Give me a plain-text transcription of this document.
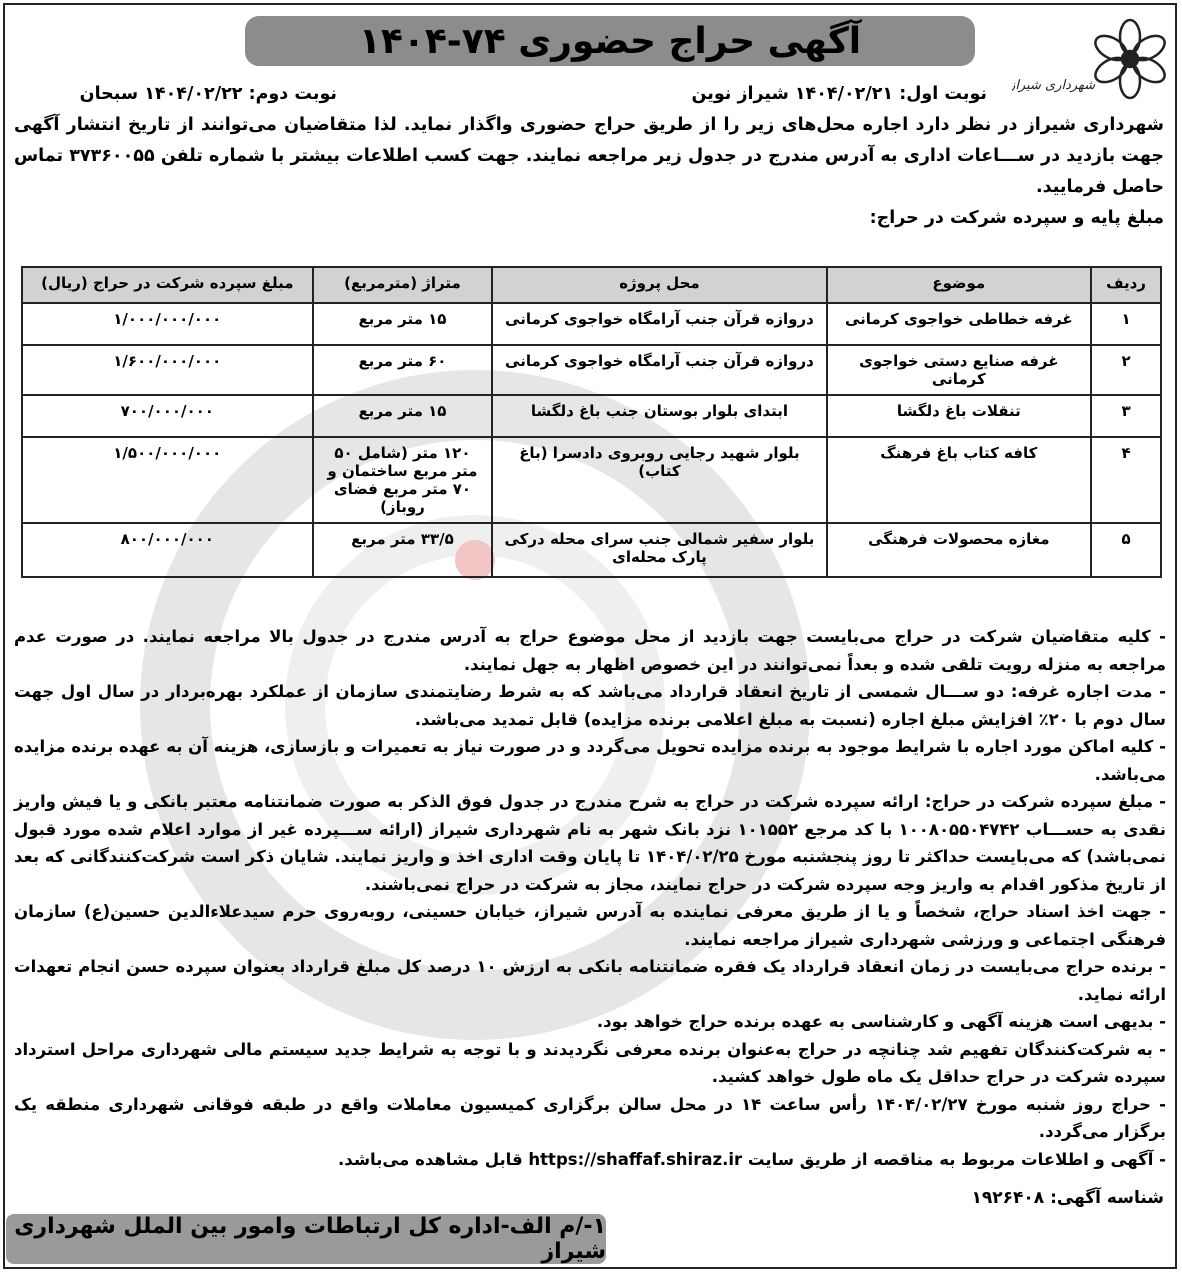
شهرداری شیراز
آگهی حراج حضوری ۷۴-۱۴۰۴
نوبت اول: ۱۴۰۴/۰۲/۲۱ شیراز نوین
نوبت دوم: ۱۴۰۴/۰۲/۲۲ سبحان
شهرداری شیراز در نظر دارد اجاره محل‌های زیر را از طریق حراج حضوری واگذار نماید. لذا متقاضیان می‌توانند از تاریخ انتشار آگهی جهت بازدید در ســـاعات اداری به آدرس مندرج در جدول زیر مراجعه نمایند. جهت کسب اطلاعات بیشتر با شماره تلفن ۳۷۳۶۰۰۵۵ تماس حاصل فرمایید.
مبلغ پایه و سپرده شرکت در حراج:
ردیف	موضوع	محل پروژه	متراژ (مترمربع)	مبلغ سپرده شرکت در حراج (ریال)
۱	غرفه خطاطی خواجوی کرمانی	دروازه قرآن جنب آرامگاه خواجوی کرمانی	۱۵ متر مربع	۱/۰۰۰/۰۰۰/۰۰۰
۲	غرفه صنایع دستی خواجوی کرمانی	دروازه قرآن جنب آرامگاه خواجوی کرمانی	۶۰ متر مربع	۱/۶۰۰/۰۰۰/۰۰۰
۳	تنقلات باغ دلگشا	ابتدای بلوار بوستان جنب باغ دلگشا	۱۵ متر مربع	۷۰۰/۰۰۰/۰۰۰
۴	کافه کتاب باغ فرهنگ	بلوار شهید رجایی روبروی دادسرا (باغ کتاب)	۱۲۰ متر (شامل ۵۰ متر مربع ساختمان و ۷۰ متر مربع فضای روباز)	۱/۵۰۰/۰۰۰/۰۰۰
۵	مغازه محصولات فرهنگی	بلوار سفیر شمالی جنب سرای محله درکی پارک محله‌ای	۳۳/۵ متر مربع	۸۰۰/۰۰۰/۰۰۰

- کلیه متقاضیان شرکت در حراج می‌بایست جهت بازدید از محل موضوع حراج به آدرس مندرج در جدول بالا مراجعه نمایند. در صورت عدم مراجعه به منزله رویت تلقی شده و بعداً نمی‌توانند در این خصوص اظهار به جهل نمایند.

- مدت اجاره غرفه: دو ســـال شمسی از تاریخ انعقاد قرارداد می‌باشد که به شرط رضایتمندی سازمان از عملکرد بهره‌بردار در سال اول جهت سال دوم با ۲۰٪ افزایش مبلغ اجاره (نسبت به مبلغ اعلامی برنده مزایده) قابل تمدید می‌باشد.

- کلیه اماکن مورد اجاره با شرایط موجود به برنده مزایده تحویل می‌گردد و در صورت نیاز به تعمیرات و بازسازی، هزینه آن به عهده برنده مزایده می‌باشد.

- مبلغ سپرده شرکت در حراج: ارائه سپرده شرکت در حراج به شرح مندرج در جدول فوق الذکر به صورت ضمانتنامه معتبر بانکی و یا فیش واریز نقدی به حســـاب ۱۰۰۸۰۵۵۰۴۷۴۲ با کد مرجع ۱۰۱۵۵۲ نزد بانک شهر به نام شهرداری شیراز (ارائه ســـپرده غیر از موارد اعلام شده مورد قبول نمی‌باشد) که می‌بایست حداکثر تا روز پنجشنبه مورخ ۱۴۰۴/۰۲/۲۵ تا پایان وقت اداری اخذ و واریز نمایند. شایان ذکر است شرکت‌کنندگانی که بعد از تاریخ مذکور اقدام به واریز وجه سپرده شرکت در حراج نمایند، مجاز به شرکت در حراج نمی‌باشند.

- جهت اخذ اسناد حراج، شخصاً و یا از طریق معرفی نماینده به آدرس شیراز، خیابان حسینی، روبه‌روی حرم سیدعلاءالدین حسین(ع) سازمان فرهنگی اجتماعی و ورزشی شهرداری شیراز مراجعه نمایند.

- برنده حراج می‌بایست در زمان انعقاد قرارداد یک فقره ضمانتنامه بانکی به ارزش ۱۰ درصد کل مبلغ قرارداد بعنوان سپرده حسن انجام تعهدات ارائه نماید.

- بدیهی است هزینه آگهی و کارشناسی به عهده برنده حراج خواهد بود.

- به شرکت‌کنندگان تفهیم شد چنانچه در حراج به‌عنوان برنده معرفی نگردیدند و با توجه به شرایط جدید سیستم مالی شهرداری مراحل استرداد سپرده شرکت در حراج حداقل یک ماه طول خواهد کشید.

- حراج روز شنبه مورخ ۱۴۰۴/۰۲/۲۷ رأس ساعت ۱۴ در محل سالن برگزاری کمیسیون معاملات واقع در طبقه فوقانی شهرداری منطقه یک برگزار می‌گردد.

- آگهی و اطلاعات مربوط به مناقصه از طریق سایت https://shaffaf.shiraz.ir قابل مشاهده می‌باشد.

شناسه آگهی: ۱۹۲۶۴۰۸
۱-/م الف-اداره کل ارتباطات وامور بین الملل شهرداری شیراز
